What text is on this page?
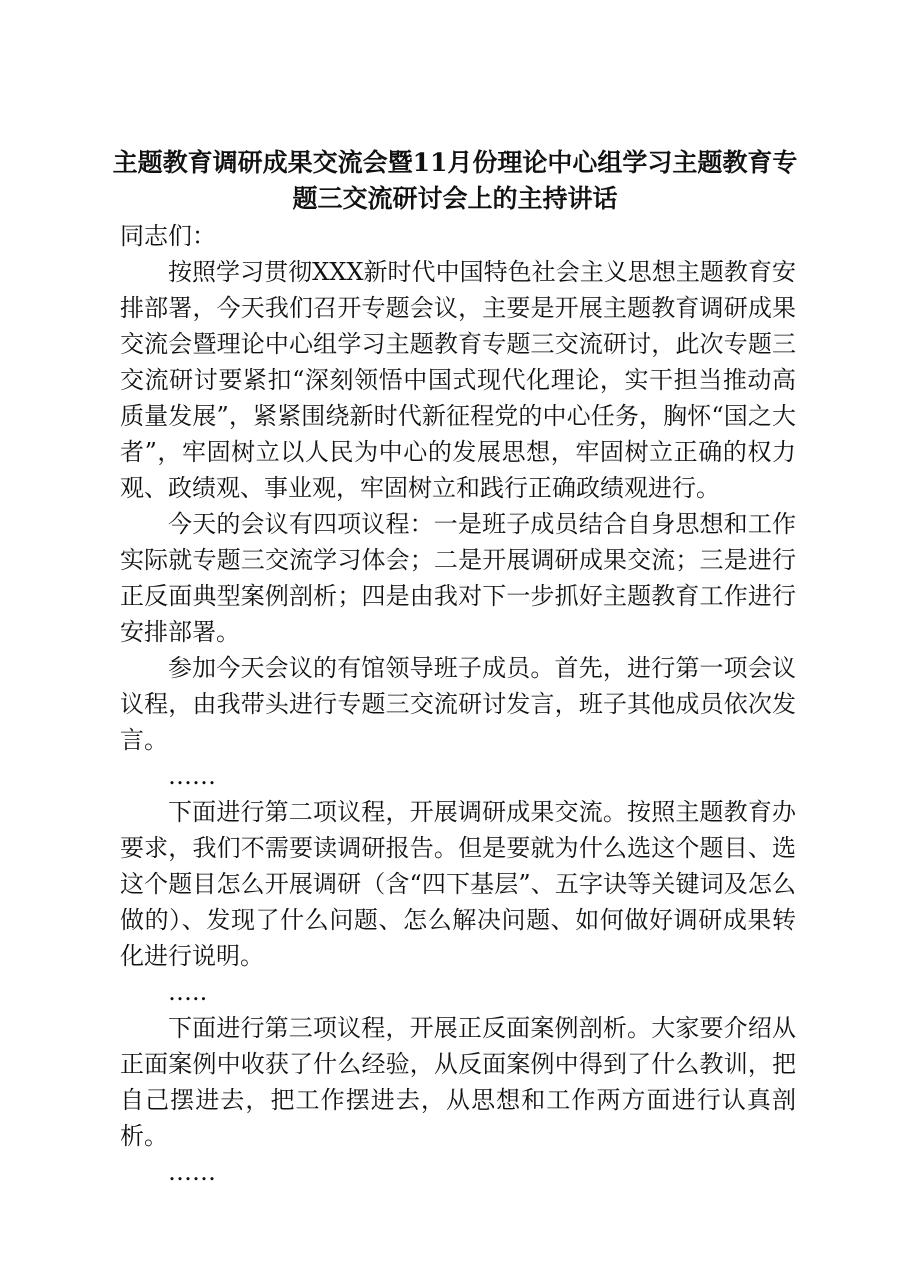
主题教育调研成果交流会暨11月份理论中心组学习主题教育专题三交流研讨会上的主持讲话

同志们：

按照学习贯彻XXX新时代中国特色社会主义思想主题教育安排部署，今天我们召开专题会议，主要是开展主题教育调研成果交流会暨理论中心组学习主题教育专题三交流研讨，此次专题三交流研讨要紧扣“深刻领悟中国式现代化理论，实干担当推动高质量发展”，紧紧围绕新时代新征程党的中心任务，胸怀“国之大者”，牢固树立以人民为中心的发展思想，牢固树立正确的权力观、政绩观、事业观，牢固树立和践行正确政绩观进行。

今天的会议有四项议程：一是班子成员结合自身思想和工作实际就专题三交流学习体会；二是开展调研成果交流；三是进行正反面典型案例剖析；四是由我对下一步抓好主题教育工作进行安排部署。

参加今天会议的有馆领导班子成员。首先，进行第一项会议议程，由我带头进行专题三交流研讨发言，班子其他成员依次发言。

……

下面进行第二项议程，开展调研成果交流。按照主题教育办要求，我们不需要读调研报告。但是要就为什么选这个题目、选这个题目怎么开展调研（含“四下基层”、五字诀等关键词及怎么做的）、发现了什么问题、怎么解决问题、如何做好调研成果转化进行说明。

…..

下面进行第三项议程，开展正反面案例剖析。大家要介绍从正面案例中收获了什么经验，从反面案例中得到了什么教训，把自己摆进去，把工作摆进去，从思想和工作两方面进行认真剖析。

……
